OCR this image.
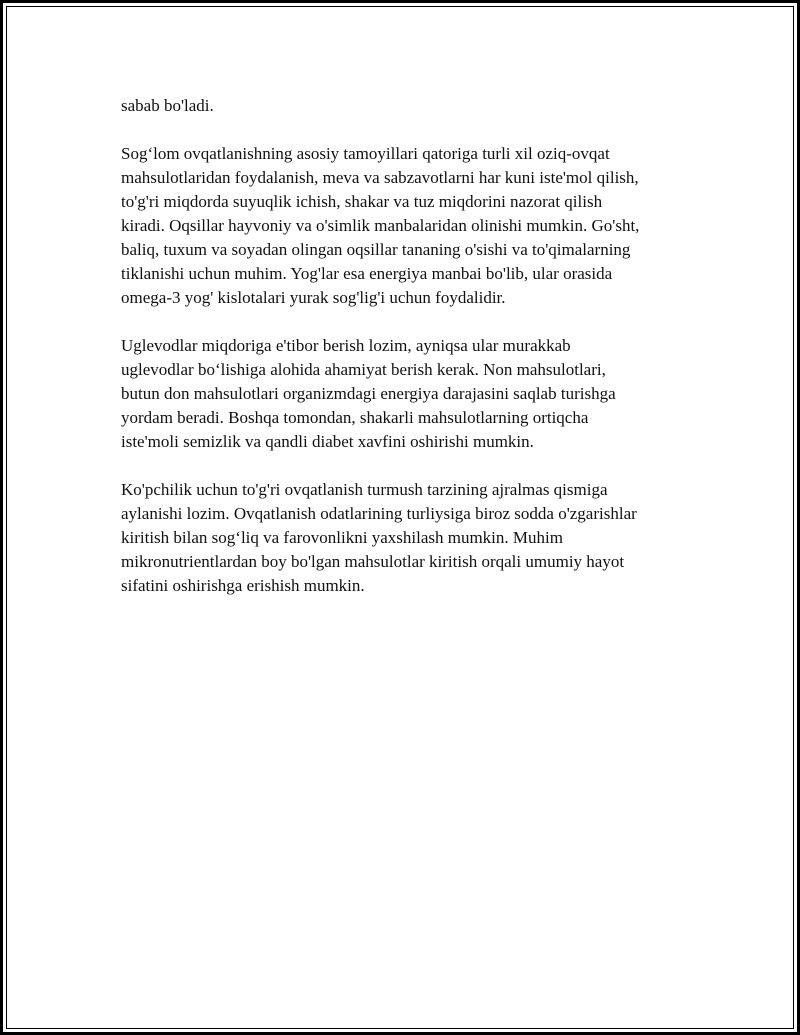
sabab bo'ladi.

Sog‘lom ovqatlanishning asosiy tamoyillari qatoriga turli xil oziq-ovqat
mahsulotlaridan foydalanish, meva va sabzavotlarni har kuni iste'mol qilish,
to'g'ri miqdorda suyuqlik ichish, shakar va tuz miqdorini nazorat qilish
kiradi. Oqsillar hayvoniy va o'simlik manbalaridan olinishi mumkin. Go'sht,
baliq, tuxum va soyadan olingan oqsillar tananing o'sishi va to'qimalarning
tiklanishi uchun muhim. Yog'lar esa energiya manbai bo'lib, ular orasida
omega-3 yog' kislotalari yurak sog'lig'i uchun foydalidir.

Uglevodlar miqdoriga e'tibor berish lozim, ayniqsa ular murakkab
uglevodlar bo‘lishiga alohida ahamiyat berish kerak. Non mahsulotlari,
butun don mahsulotlari organizmdagi energiya darajasini saqlab turishga
yordam beradi. Boshqa tomondan, shakarli mahsulotlarning ortiqcha
iste'moli semizlik va qandli diabet xavfini oshirishi mumkin.

Ko'pchilik uchun to'g'ri ovqatlanish turmush tarzining ajralmas qismiga
aylanishi lozim. Ovqatlanish odatlarining turliysiga biroz sodda o'zgarishlar
kiritish bilan sog‘liq va farovonlikni yaxshilash mumkin. Muhim
mikronutrientlardan boy bo'lgan mahsulotlar kiritish orqali umumiy hayot
sifatini oshirishga erishish mumkin.
